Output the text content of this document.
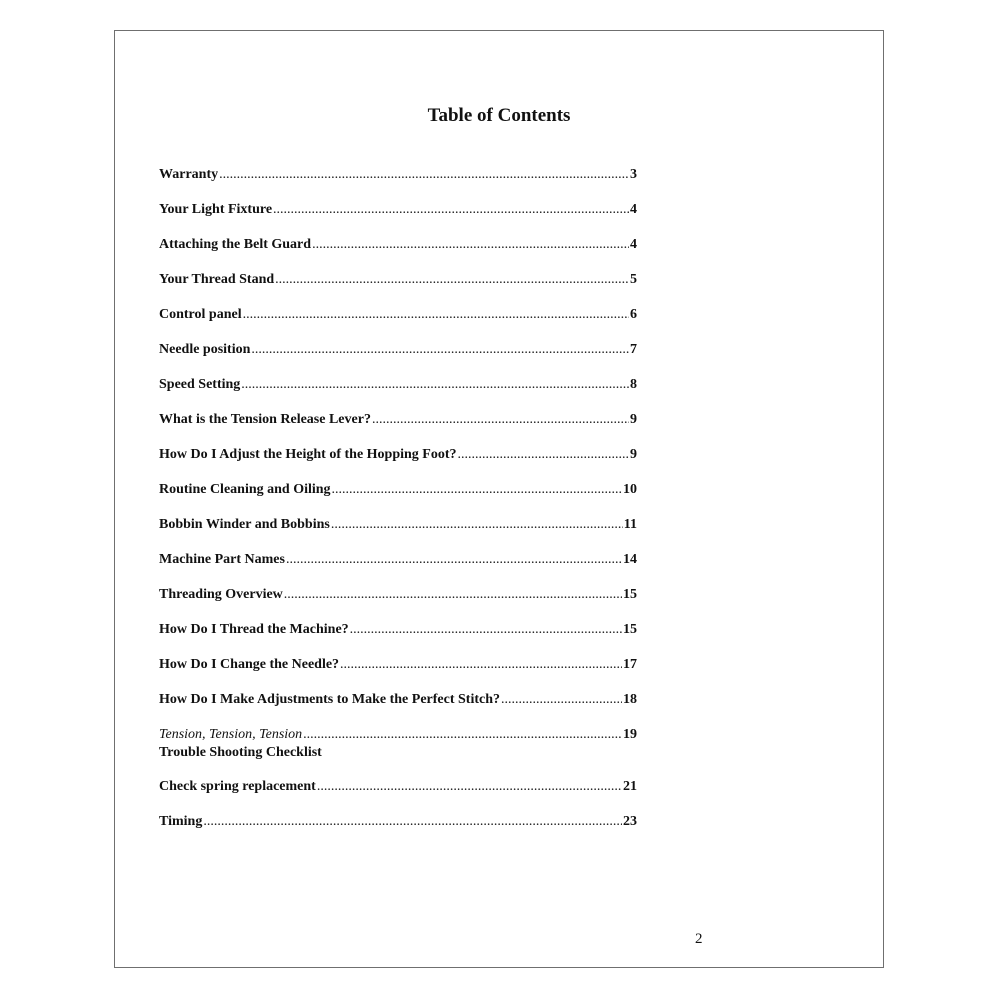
Table of Contents
Warranty .....	3
Your Light Fixture .....	4
Attaching the Belt Guard .....	4
Your Thread Stand .....	5
Control panel .....	6
Needle position .....	7
Speed Setting .....	8
What is the Tension Release Lever? .....	9
How Do I Adjust the Height of the Hopping Foot? .....	9
Routine Cleaning and Oiling .....	10
Bobbin Winder and Bobbins .....	11
Machine Part Names .....	14
Threading Overview .....	15
How Do I Thread the Machine? .....	15
How Do I Change the Needle? .....	17
How Do I Make Adjustments to Make the Perfect Stitch? .....	18
Tension, Tension, Tension .....	19
Trouble Shooting Checklist
Check spring replacement .....	21
Timing .....	23
2
